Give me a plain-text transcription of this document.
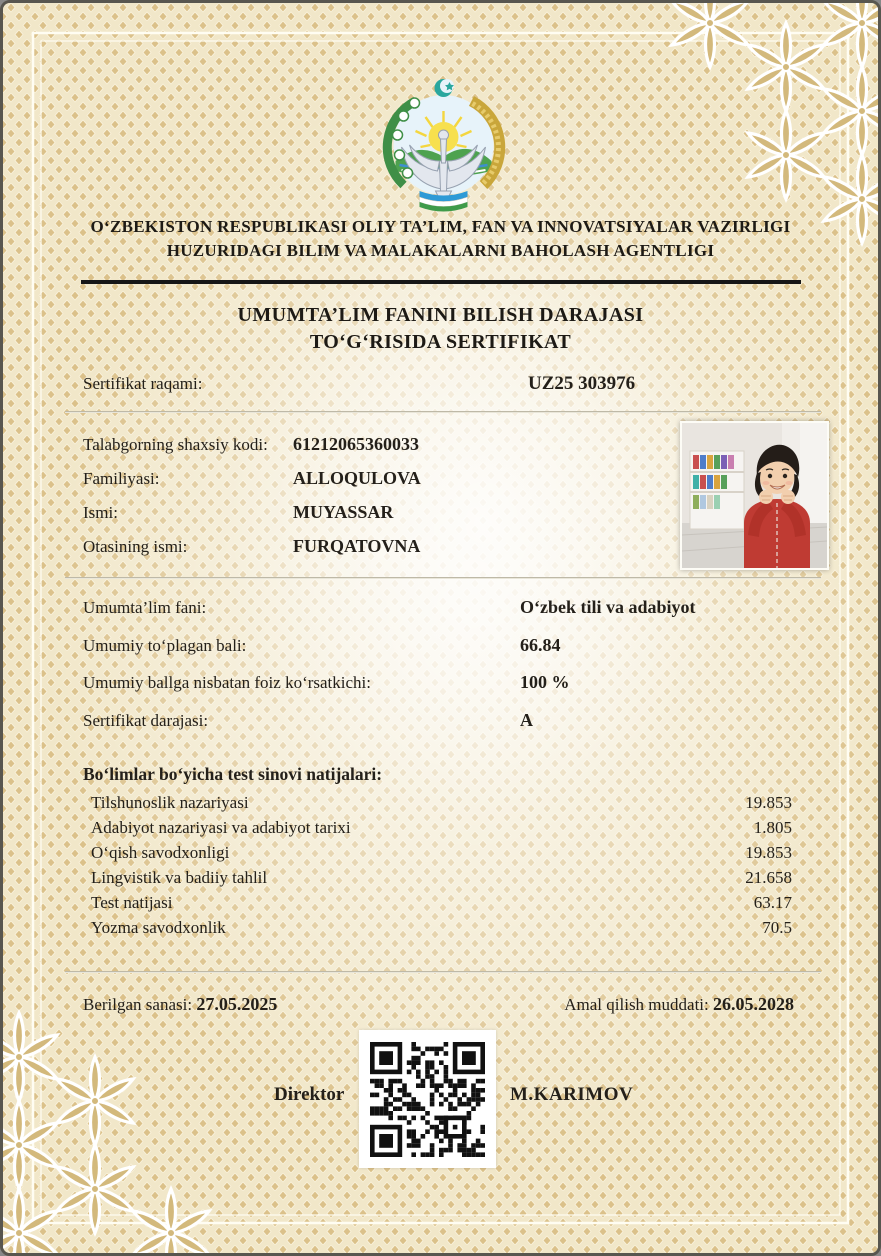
O‘ZBEKISTON RESPUBLIKASI OLIY TA’LIM, FAN VA INNOVATSIYALAR VAZIRLIGI
HUZURIDAGI BILIM VA MALAKALARNI BAHOLASH AGENTLIGI
UMUMTA’LIM FANINI BILISH DARAJASI
TO‘G‘RISIDA SERTIFIKAT
Sertifikat raqami:	UZ25 303976
Talabgorning shaxsiy kodi: 61212065360033
Familiyasi:	ALLOQULOVA
Ismi:	MUYASSAR
Otasining ismi:	FURQATOVNA
Umumta’lim fani:	O‘zbek tili va adabiyot
Umumiy to‘plagan bali:	66.84
Umumiy ballga nisbatan foiz ko‘rsatkichi:	100 %
Sertifikat darajasi:	A
Bo‘limlar bo‘yicha test sinovi natijalari:
Tilshunoslik nazariyasi	19.853
Adabiyot nazariyasi va adabiyot tarixi	1.805
O‘qish savodxonligi	19.853
Lingvistik va badiiy tahlil	21.658
Test natijasi	63.17
Yozma savodxonlik	70.5
Berilgan sanasi: 27.05.2025	Amal qilish muddati: 26.05.2028
Direktor	M.KARIMOV
